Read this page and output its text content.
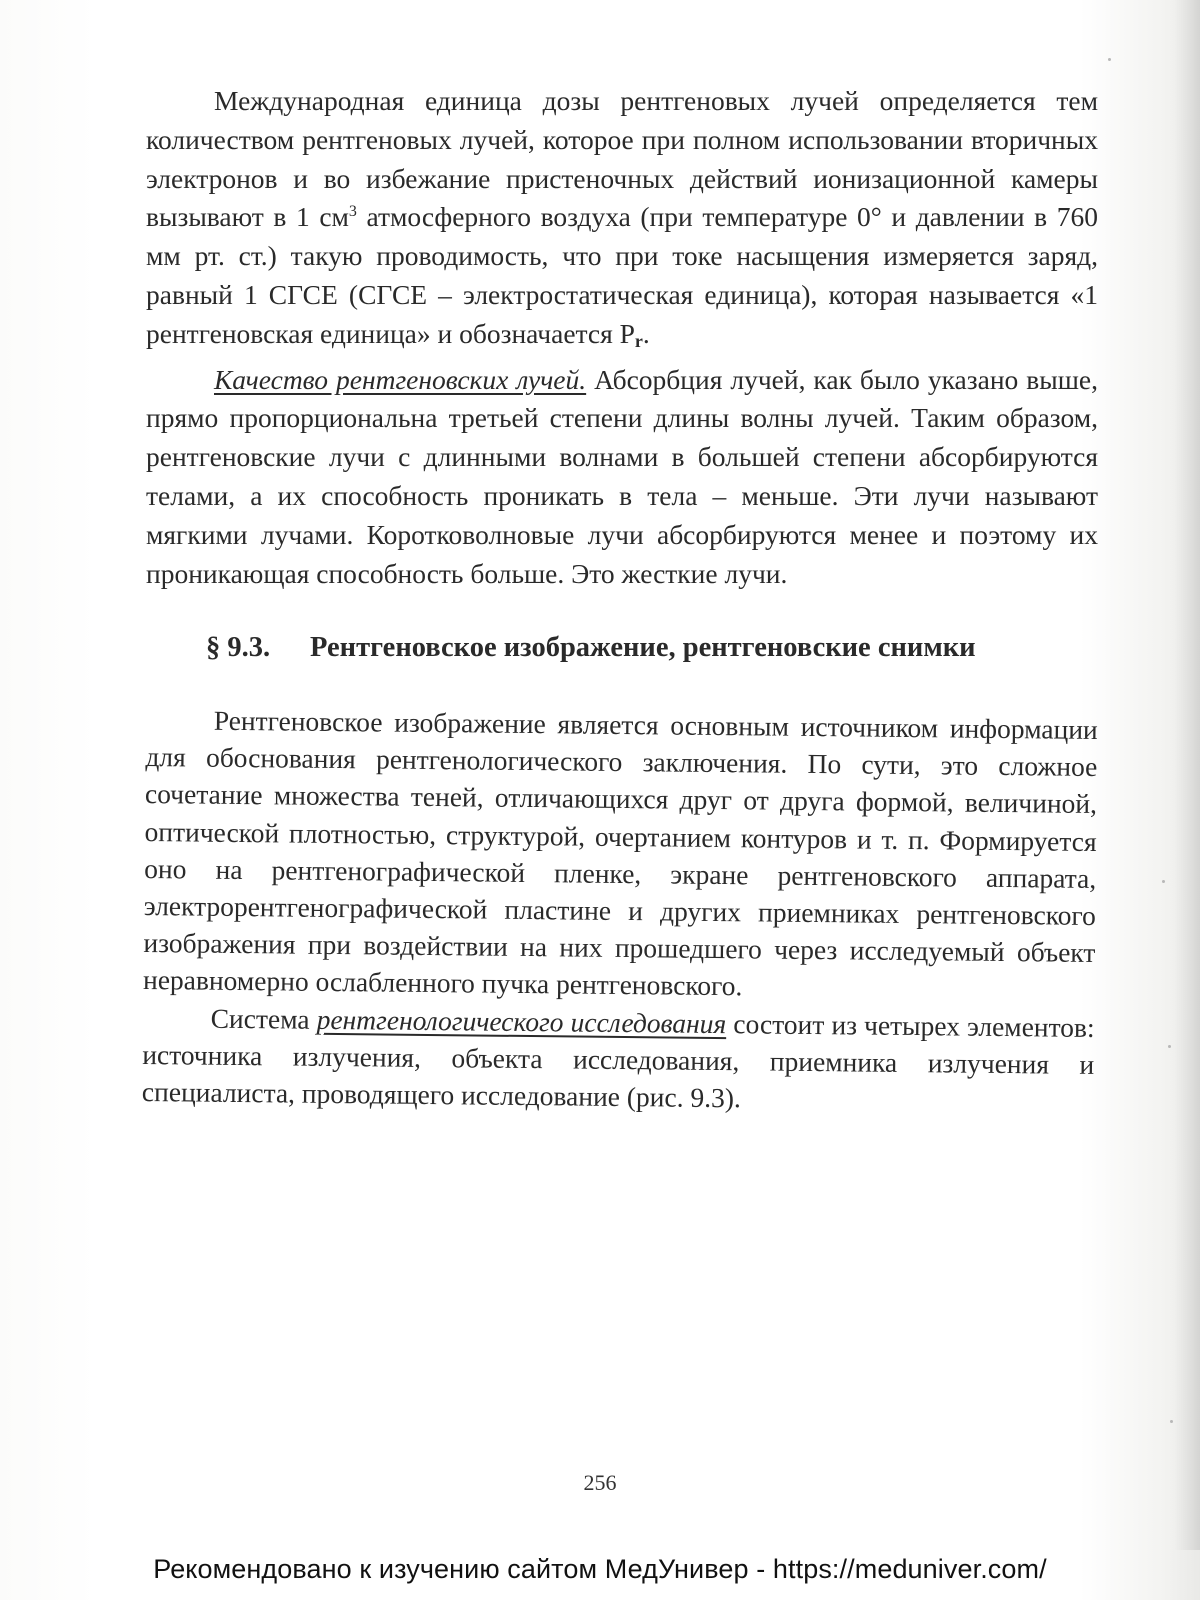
Международная единица дозы рентгеновых лучей определяется тем количеством рентгеновых лучей, которое при полном использовании вторичных электронов и во избежание пристеночных действий ионизационной камеры вызывают в 1 $см^3$ атмосферного воздуха (при температуре 0° и давлении в 760 мм рт. ст.) такую проводимость, что при токе насыщения измеряется заряд, равный 1 СГСЕ (СГСЕ – электростатическая единица), которая называется «1 рентгеновская единица» и обозначается Pr.

Качество рентгеновских лучей. Абсорбция лучей, как было указано выше, прямо пропорциональна третьей степени длины волны лучей. Таким образом, рентгеновские лучи с длинными волнами в большей степени абсорбируются телами, а их способность проникать в тела – меньше. Эти лучи называют мягкими лучами. Коротковолновые лучи абсорбируются менее и поэтому их проникающая способность больше. Это жесткие лучи.

§ 9.3.	Рентгеновское изображение, рентгеновские снимки

Рентгеновское изображение является основным источником информации для обоснования рентгенологического заключения. По сути, это сложное сочетание множества теней, отличающихся друг от друга формой, величиной, оптической плотностью, структурой, очертанием контуров и т. п. Формируется оно на рентгенографической пленке, экране рентгеновского аппарата, электрорентгенографической пластине и других приемниках рентгеновского изображения при воздействии на них прошедшего через исследуемый объект неравномерно ослабленного пучка рентгеновского.

Система рентгенологического исследования состоит из четырех элементов: источника излучения, объекта исследования, приемника излучения и специалиста, проводящего исследование (рис. 9.3).

256
Рекомендовано к изучению сайтом МедУнивер - https://meduniver.com/
